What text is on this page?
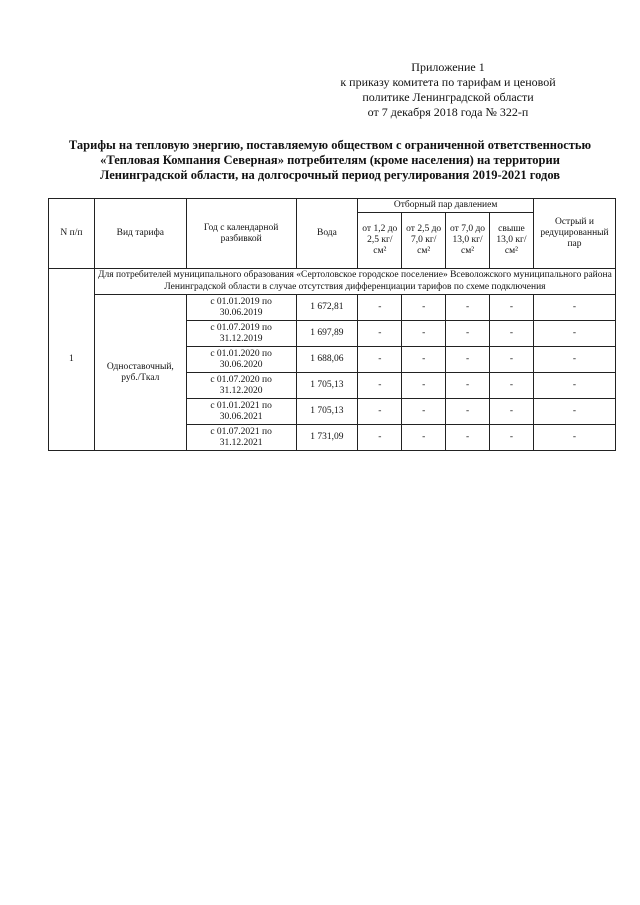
Приложение 1
к приказу комитета по тарифам и ценовой
политике Ленинградской области
от 7 декабря 2018 года № 322-п
Тарифы на тепловую энергию, поставляемую обществом с ограниченной ответственностью
«Тепловая Компания Северная» потребителям (кроме населения) на территории
Ленинградской области, на долгосрочный период регулирования 2019-2021 годов
N п/п	Вид тарифа	Год с календарной разбивкой	Вода	Отборный пар давлением				Острый и редуцированный пар
				от 1,2 до 2,5 кг/см²	от 2,5 до 7,0 кг/см²	от 7,0 до 13,0 кг/см²	свыше 13,0 кг/см²	
1	Для потребителей муниципального образования «Сертоловское городское поселение» Всеволожского муниципального района Ленинградской области в случае отсутствия дифференциации тарифов по схеме подключения							
	Одноставочный, руб./Ткал	с 01.01.2019 по 30.06.2019	1 672,81	-	-	-	-	-
		с 01.07.2019 по 31.12.2019	1 697,89	-	-	-	-	-
		с 01.01.2020 по 30.06.2020	1 688,06	-	-	-	-	-
		с 01.07.2020 по 31.12.2020	1 705,13	-	-	-	-	-
		с 01.01.2021 по 30.06.2021	1 705,13	-	-	-	-	-
		с 01.07.2021 по 31.12.2021	1 731,09	-	-	-	-	-
